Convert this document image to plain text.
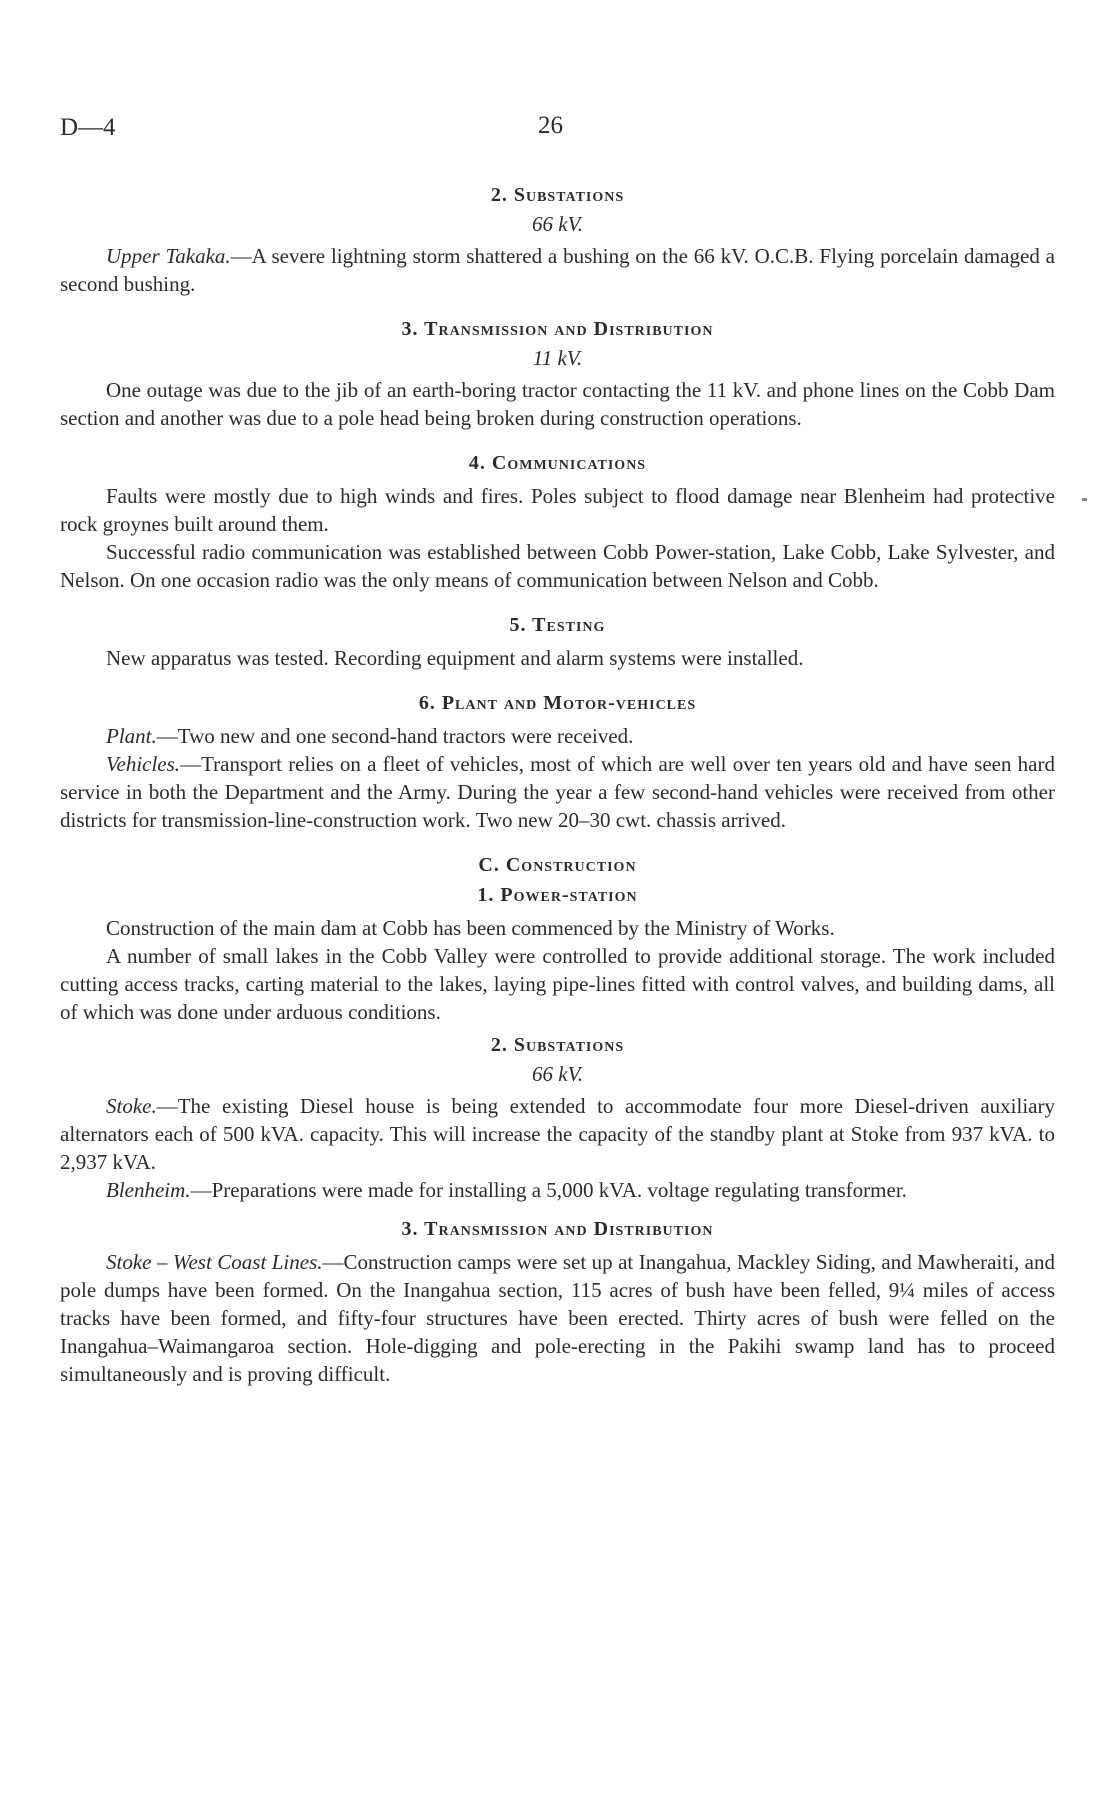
D—4	26
2. Substations
66 kV.

Upper Takaka.—A severe lightning storm shattered a bushing on the 66 kV. O.C.B. Flying porcelain damaged a second bushing.

3. Transmission and Distribution
11 kV.

One outage was due to the jib of an earth-boring tractor contacting the 11 kV. and phone lines on the Cobb Dam section and another was due to a pole head being broken during construction operations.

4. Communications

Faults were mostly due to high winds and fires. Poles subject to flood damage near Blenheim had protective rock groynes built around them.

Successful radio communication was established between Cobb Power-station, Lake Cobb, Lake Sylvester, and Nelson. On one occasion radio was the only means of communication between Nelson and Cobb.

5. Testing

New apparatus was tested. Recording equipment and alarm systems were installed.

6. Plant and Motor-vehicles

Plant.—Two new and one second-hand tractors were received.

Vehicles.—Transport relies on a fleet of vehicles, most of which are well over ten years old and have seen hard service in both the Department and the Army. During the year a few second-hand vehicles were received from other districts for transmission-line-construction work. Two new 20–30 cwt. chassis arrived.

C. Construction
1. Power-station

Construction of the main dam at Cobb has been commenced by the Ministry of Works.

A number of small lakes in the Cobb Valley were controlled to provide additional storage. The work included cutting access tracks, carting material to the lakes, laying pipe-lines fitted with control valves, and building dams, all of which was done under arduous conditions.

2. Substations
66 kV.

Stoke.—The existing Diesel house is being extended to accommodate four more Diesel-driven auxiliary alternators each of 500 kVA. capacity. This will increase the capacity of the standby plant at Stoke from 937 kVA. to 2,937 kVA.

Blenheim.—Preparations were made for installing a 5,000 kVA. voltage regulating transformer.

3. Transmission and Distribution

Stoke – West Coast Lines.—Construction camps were set up at Inangahua, Mackley Siding, and Mawheraiti, and pole dumps have been formed. On the Inangahua section, 115 acres of bush have been felled, 9¼ miles of access tracks have been formed, and fifty-four structures have been erected. Thirty acres of bush were felled on the Inangahua–Waimangaroa section. Hole-digging and pole-erecting in the Pakihi swamp land has to proceed simultaneously and is proving difficult.
